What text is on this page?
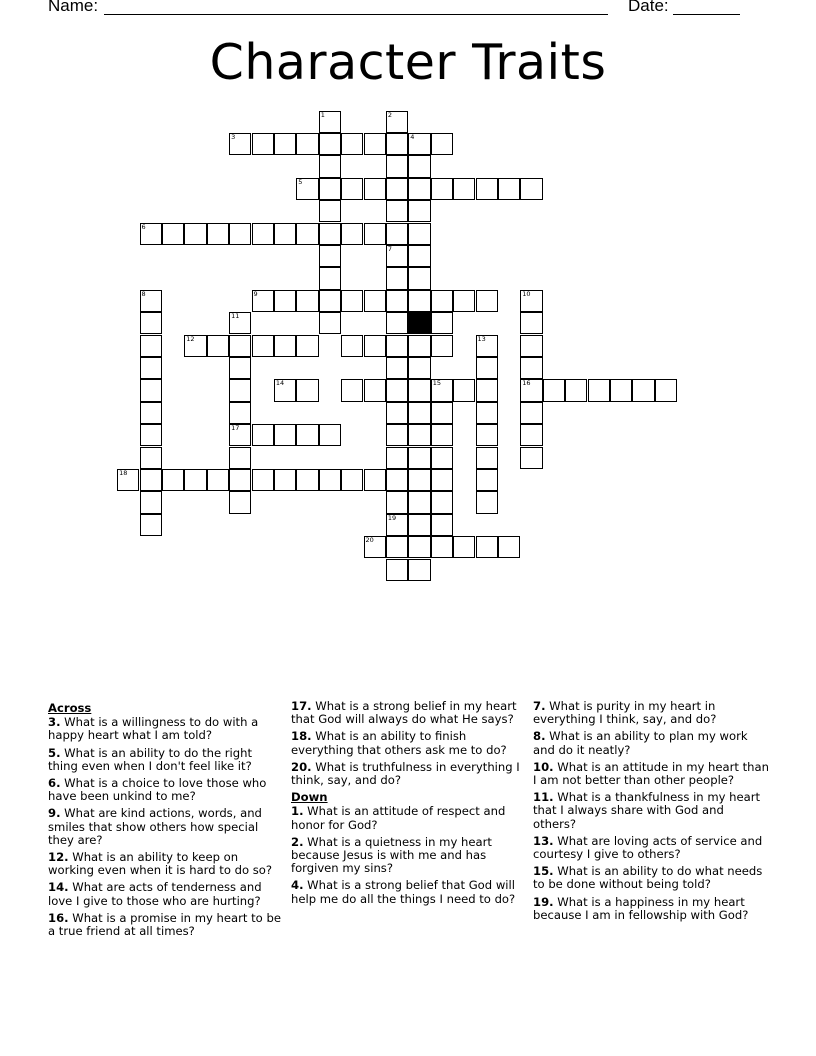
Name:	Date:
Character Traits
1	2
3	4
5
6
7
8	9	10
11
12	13
14	15	16
17
18
19
20
Across
3. What is a willingness to do with a happy heart what I am told?
5. What is an ability to do the right thing even when I don't feel like it?
6. What is a choice to love those who have been unkind to me?
9. What are kind actions, words, and smiles that show others how special they are?
12. What is an ability to keep on working even when it is hard to do so?
14. What are acts of tenderness and love I give to those who are hurting?
16. What is a promise in my heart to be a true friend at all times?
17. What is a strong belief in my heart that God will always do what He says?
18. What is an ability to finish everything that others ask me to do?
20. What is truthfulness in everything I think, say, and do?
Down
1. What is an attitude of respect and honor for God?
2. What is a quietness in my heart because Jesus is with me and has forgiven my sins?
4. What is a strong belief that God will help me do all the things I need to do?
7. What is purity in my heart in everything I think, say, and do?
8. What is an ability to plan my work and do it neatly?
10. What is an attitude in my heart than I am not better than other people?
11. What is a thankfulness in my heart that I always share with God and others?
13. What are loving acts of service and courtesy I give to others?
15. What is an ability to do what needs to be done without being told?
19. What is a happiness in my heart because I am in fellowship with God?
